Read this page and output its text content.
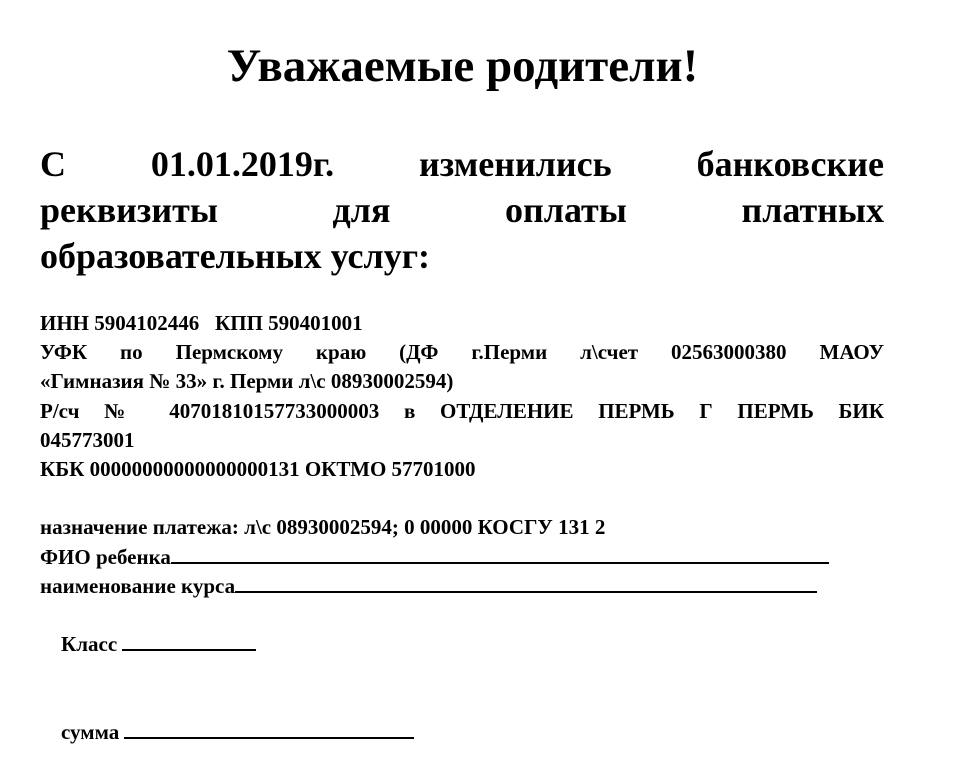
Уважаемые родители!
С 01.01.2019г. изменились банковские
реквизиты для оплаты платных
образовательных услуг:
ИНН 5904102446   КПП 590401001
УФК по Пермскому краю (ДФ г.Перми л\счет 02563000380 МАОУ
«Гимназия № 33» г. Перми л\с 08930002594)
Р/сч № 40701810157733000003 в ОТДЕЛЕНИЕ ПЕРМЬ Г ПЕРМЬ БИК
045773001
КБК 00000000000000000131 ОКТМО 57701000
назначение платежа: л\с 08930002594; 0 00000 КОСГУ 131 2
ФИО ребенка
наименование курса

Класс

сумма
